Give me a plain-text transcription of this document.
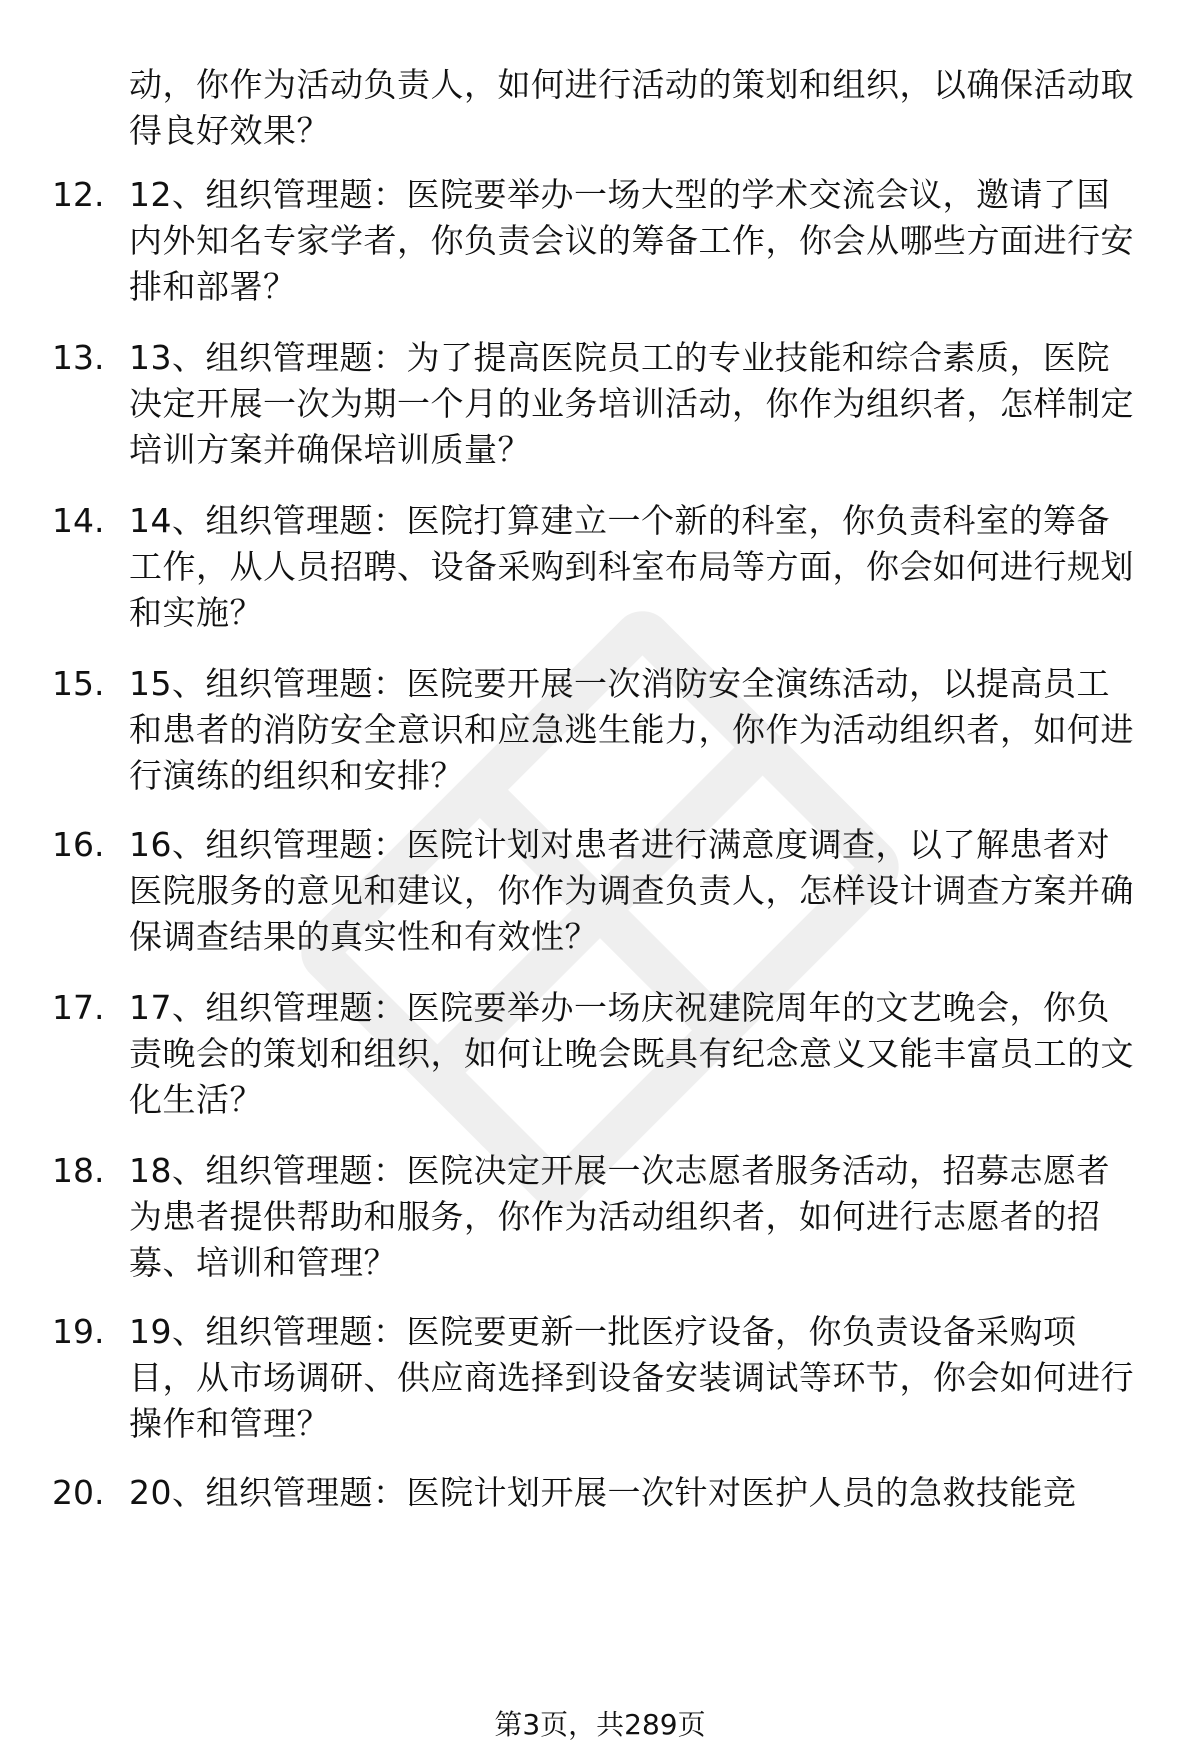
动，你作为活动负责人，如何进行活动的策划和组织，以确保活动取得良好效果？
12. 12、组织管理题：医院要举办一场大型的学术交流会议，邀请了国内外知名专家学者，你负责会议的筹备工作，你会从哪些方面进行安排和部署？
13. 13、组织管理题：为了提高医院员工的专业技能和综合素质，医院决定开展一次为期一个月的业务培训活动，你作为组织者，怎样制定培训方案并确保培训质量？
14. 14、组织管理题：医院打算建立一个新的科室，你负责科室的筹备工作，从人员招聘、设备采购到科室布局等方面，你会如何进行规划和实施？
15. 15、组织管理题：医院要开展一次消防安全演练活动，以提高员工和患者的消防安全意识和应急逃生能力，你作为活动组织者，如何进行演练的组织和安排？
16. 16、组织管理题：医院计划对患者进行满意度调查，以了解患者对医院服务的意见和建议，你作为调查负责人，怎样设计调查方案并确保调查结果的真实性和有效性？
17. 17、组织管理题：医院要举办一场庆祝建院周年的文艺晚会，你负责晚会的策划和组织，如何让晚会既具有纪念意义又能丰富员工的文化生活？
18. 18、组织管理题：医院决定开展一次志愿者服务活动，招募志愿者为患者提供帮助和服务，你作为活动组织者，如何进行志愿者的招募、培训和管理？
19. 19、组织管理题：医院要更新一批医疗设备，你负责设备采购项目，从市场调研、供应商选择到设备安装调试等环节，你会如何进行操作和管理？
20. 20、组织管理题：医院计划开展一次针对医护人员的急救技能竞
第3页，共289页
